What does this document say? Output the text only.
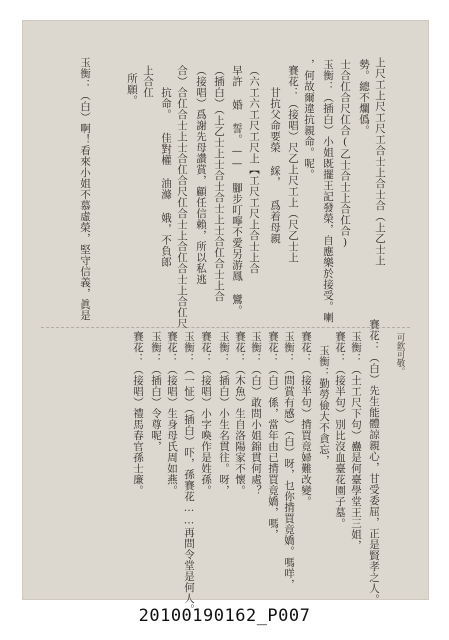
上尺工上尺工尺工合士上合士合（上乙士上
勢。總不爛僞。
士合仜合尺仜合(乙士合士上合仜合)
玉衡：（插白）小姐既擺王記發榮，自應樂於接受。喇
，何故爾違抗親命。呢。
賽花：（接唱）尺乙上尺工上（尺乙士上
甘抗父命要榮 綵， 爲着母親
（六工六工尺工尺上【工尺工尺上合士上合
早許 婚 誓。—— 腳步叮嚀不愛另游鳳 鸞。
（插白）（上乙士上士合士合士上士合仜合士上合
（接唱）爲謝先母讚賞，顧任信賴，所以私逃
合）合仜合士上士合仜合尺仜合士上合仜合士上合仜尺
抗命。 佳對權 油滌 娥，不負郎
上合仜
所願。
玉衡：（白）啊！看來小姐不慕虛榮，堅守信義，眞是
可欽可敬。
賽花：（白）先生能體諒親心，甘受委屈，正是賢孝之人。
玉衡：（土工尺下句）蠱是何臺學堂王三姐，
賽花：（接半句）別比沒血臺花園子墓。
玉衡：勤勞儉大不貪忘，
賽花：（接半句）揹買竟婦難改變。
玉衡：（問賞有感）（白）呀，乜你揹買竟嬌。嗎咩，
賽花：（白）係，當年由已揹買竟嬌，嗎，
玉衡：（白）敢問小姐錦貫何處？
賽花：（木魚）生自洛陽家不懷。
玉衡：（插白）小生名貫往。呀，
賽花：（接唱）小字喚作是姓孫。
玉衡：（一怔）（插白）吓，孫賽花……再問令堂是何人。
賽花：（接唱）生身母氏周如燕。
玉衡：（插白）令尊呢，
賽花：（接唱）禮馬春官孫士廉。
20100190162_P007
